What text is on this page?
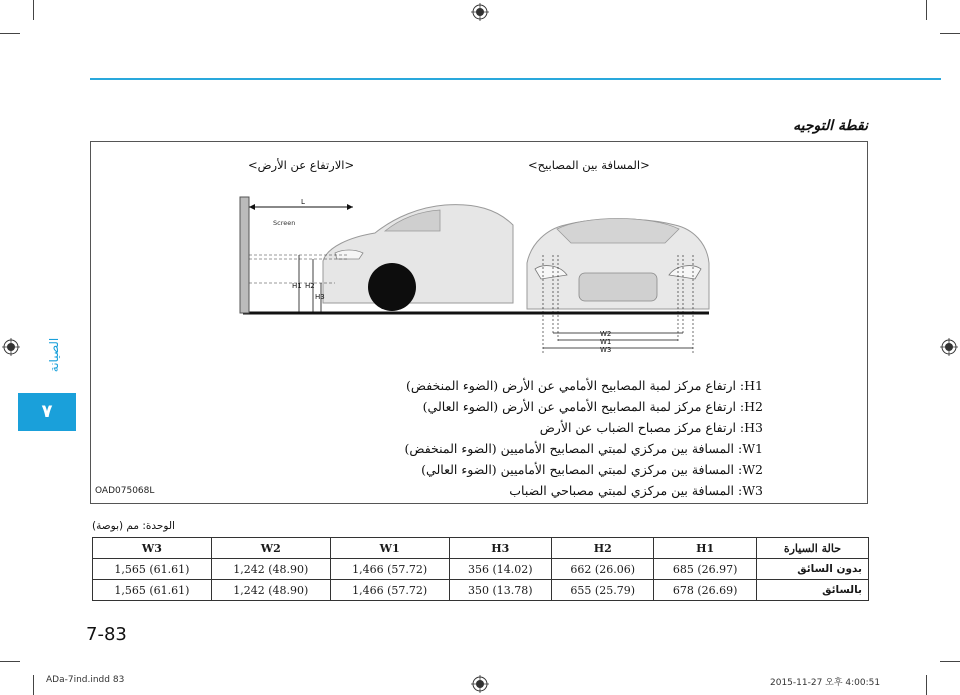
نقطة التوجيه
<الارتفاع عن الأرض>	<المسافة بين المصابيح>
L
Screen
H1 H2
H3
W2
W1
W3
H1: ارتفاع مركز لمبة المصابيح الأمامي عن الأرض (الضوء المنخفض)
H2: ارتفاع مركز لمبة المصابيح الأمامي عن الأرض (الضوء العالي)
H3: ارتفاع مركز مصباح الضباب عن الأرض
W1: المسافة بين مركزي لمبتي المصابيح الأماميين (الضوء المنخفض)
W2: المسافة بين مركزي لمبتي المصابيح الأماميين (الضوء العالي)
W3: المسافة بين مركزي لمبتي مصباحي الضباب
OAD075068L
الوحدة: مم (بوصة)
W3	W2	W1	H3	H2	H1	حالة السيارة
1,565 (61.61)	1,242 (48.90)	1,466 (57.72)	356 (14.02)	662 (26.06)	685 (26.97)	بدون السائق
1,565 (61.61)	1,242 (48.90)	1,466 (57.72)	350 (13.78)	655 (25.79)	678 (26.69)	بالسائق
الصيانة
٧
7-83
ADa-7ind.indd 83	2015-11-27 오후 4:00:51
